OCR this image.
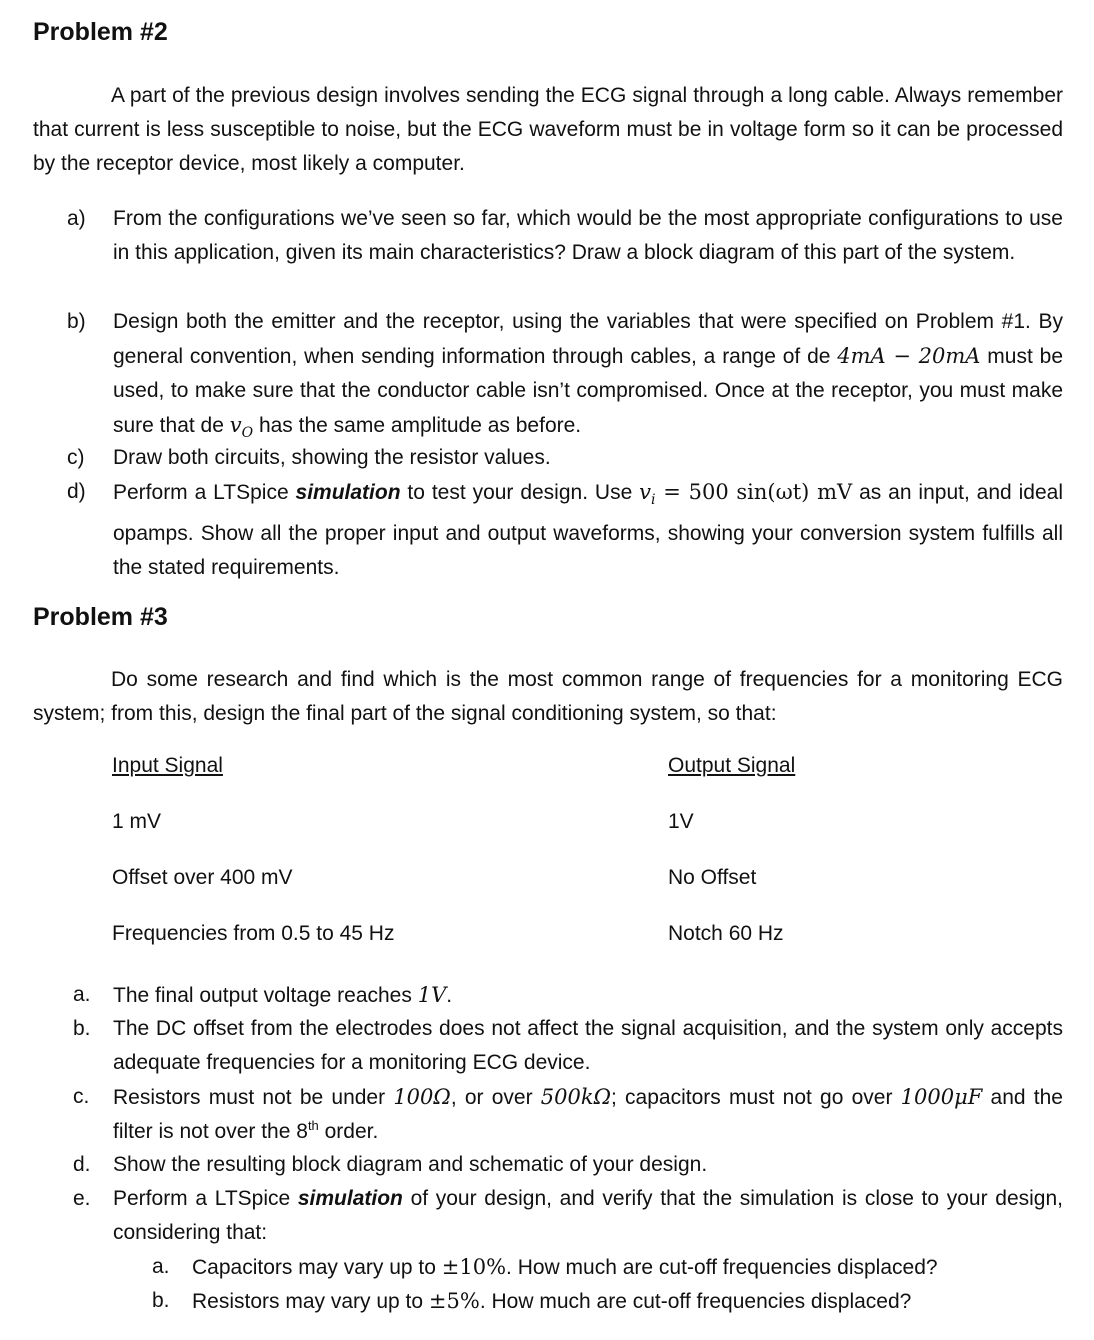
Problem #2

A part of the previous design involves sending the ECG signal through a long cable. Always remember that current is less susceptible to noise, but the ECG waveform must be in voltage form so it can be processed by the receptor device, most likely a computer.

a)	From the configurations we’ve seen so far, which would be the most appropriate configurations to use in this application, given its main characteristics? Draw a block diagram of this part of the system.
b)	Design both the emitter and the receptor, using the variables that were specified on Problem #1. By general convention, when sending information through cables, a range of de 4mA − 20mA must be used, to make sure that the conductor cable isn’t compromised. Once at the receptor, you must make sure that de $v_O$ has the same amplitude as before.
c)	Draw both circuits, showing the resistor values.
d)	Perform a LTSpice simulation to test your design. Use $v_i = 500$ sin(ωt) mV as an input, and ideal opamps. Show all the proper input and output waveforms, showing your conversion system fulfills all the stated requirements.
Problem #3

Do some research and find which is the most common range of frequencies for a monitoring ECG system; from this, design the final part of the signal conditioning system, so that:

Input Signal	Output Signal
1 mV	1V
Offset over 400 mV	No Offset
Frequencies from 0.5 to 45 Hz	Notch 60 Hz
a.	The final output voltage reaches 1V.
b.	The DC offset from the electrodes does not affect the signal acquisition, and the system only accepts adequate frequencies for a monitoring ECG device.
c.	Resistors must not be under 100Ω, or over 500kΩ; capacitors must not go over 1000μF and the filter is not over the 8th order.
d.	Show the resulting block diagram and schematic of your design.
e.	Perform a LTSpice simulation of your design, and verify that the simulation is close to your design, considering that:
a. Capacitors may vary up to ±10%. How much are cut-off frequencies displaced?
b. Resistors may vary up to ±5%. How much are cut-off frequencies displaced?
